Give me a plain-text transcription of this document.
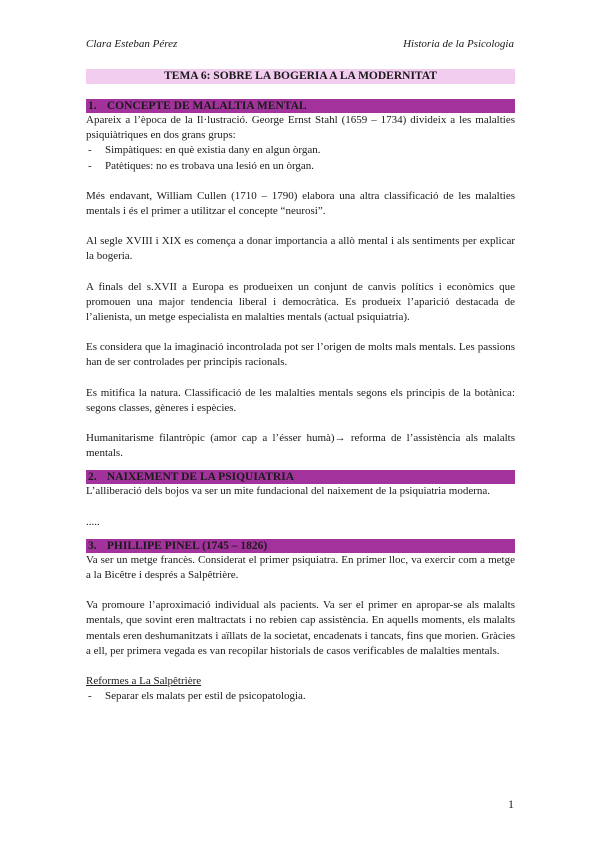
Clara Esteban Pérez	Historia de la Psicologia
TEMA 6: SOBRE LA BOGERIA A LA MODERNITAT
1. CONCEPTE DE MALALTIA MENTAL

Apareix a l’època de la Il·lustració. George Ernst Stahl (1659 – 1734) divideix a les malalties psiquiàtriques en dos grans grups:

- Simpàtiques: en què existia dany en algun òrgan.
- Patètiques: no es trobava una lesió en un òrgan.

Més endavant, William Cullen (1710 – 1790) elabora una altra classificació de les malalties mentals i és el primer a utilitzar el concepte “neurosi”.

Al segle XVIII i XIX es comença a donar importancia a allò mental i als sentiments per explicar la bogeria.

A finals del s.XVII a Europa es produeixen un conjunt de canvis polítics i econòmics que promouen una major tendencia liberal i democràtica. Es produeix l’aparició destacada de l’alienista, un metge especialista en malalties mentals (actual psiquiatria).

Es considera que la imaginació incontrolada pot ser l’origen de molts mals mentals. Les passions han de ser controlades per principis racionals.

Es mitifica la natura. Classificació de les malalties mentals segons els principis de la botànica: segons classes, gèneres i espècies.

Humanitarisme filantròpic (amor cap a l’ésser humà)→ reforma de l’assistència als malalts mentals.

2. NAIXEMENT DE LA PSIQUIATRIA

L’alliberació dels bojos va ser un mite fundacional del naixement de la psiquiatria moderna.

.....

3. PHILLIPE PINEL (1745 – 1826)

Va ser un metge francès. Considerat el primer psiquiatra. En primer lloc, va exercir com a metge a la Bicêtre i després a Salpêtrière.

Va promoure l’aproximació individual als pacients. Va ser el primer en apropar-se als malalts mentals, que sovint eren maltractats i no rebien cap assistència. En aquells moments, els malalts mentals eren deshumanitzats i aïllats de la societat, encadenats i tancats, fins que morien. Gràcies a ell, per primera vegada es van recopilar historials de casos verificables de malalties mentals.

Reformes a La Salpêtrière

- Separar els malats per estil de psicopatologia.
1
